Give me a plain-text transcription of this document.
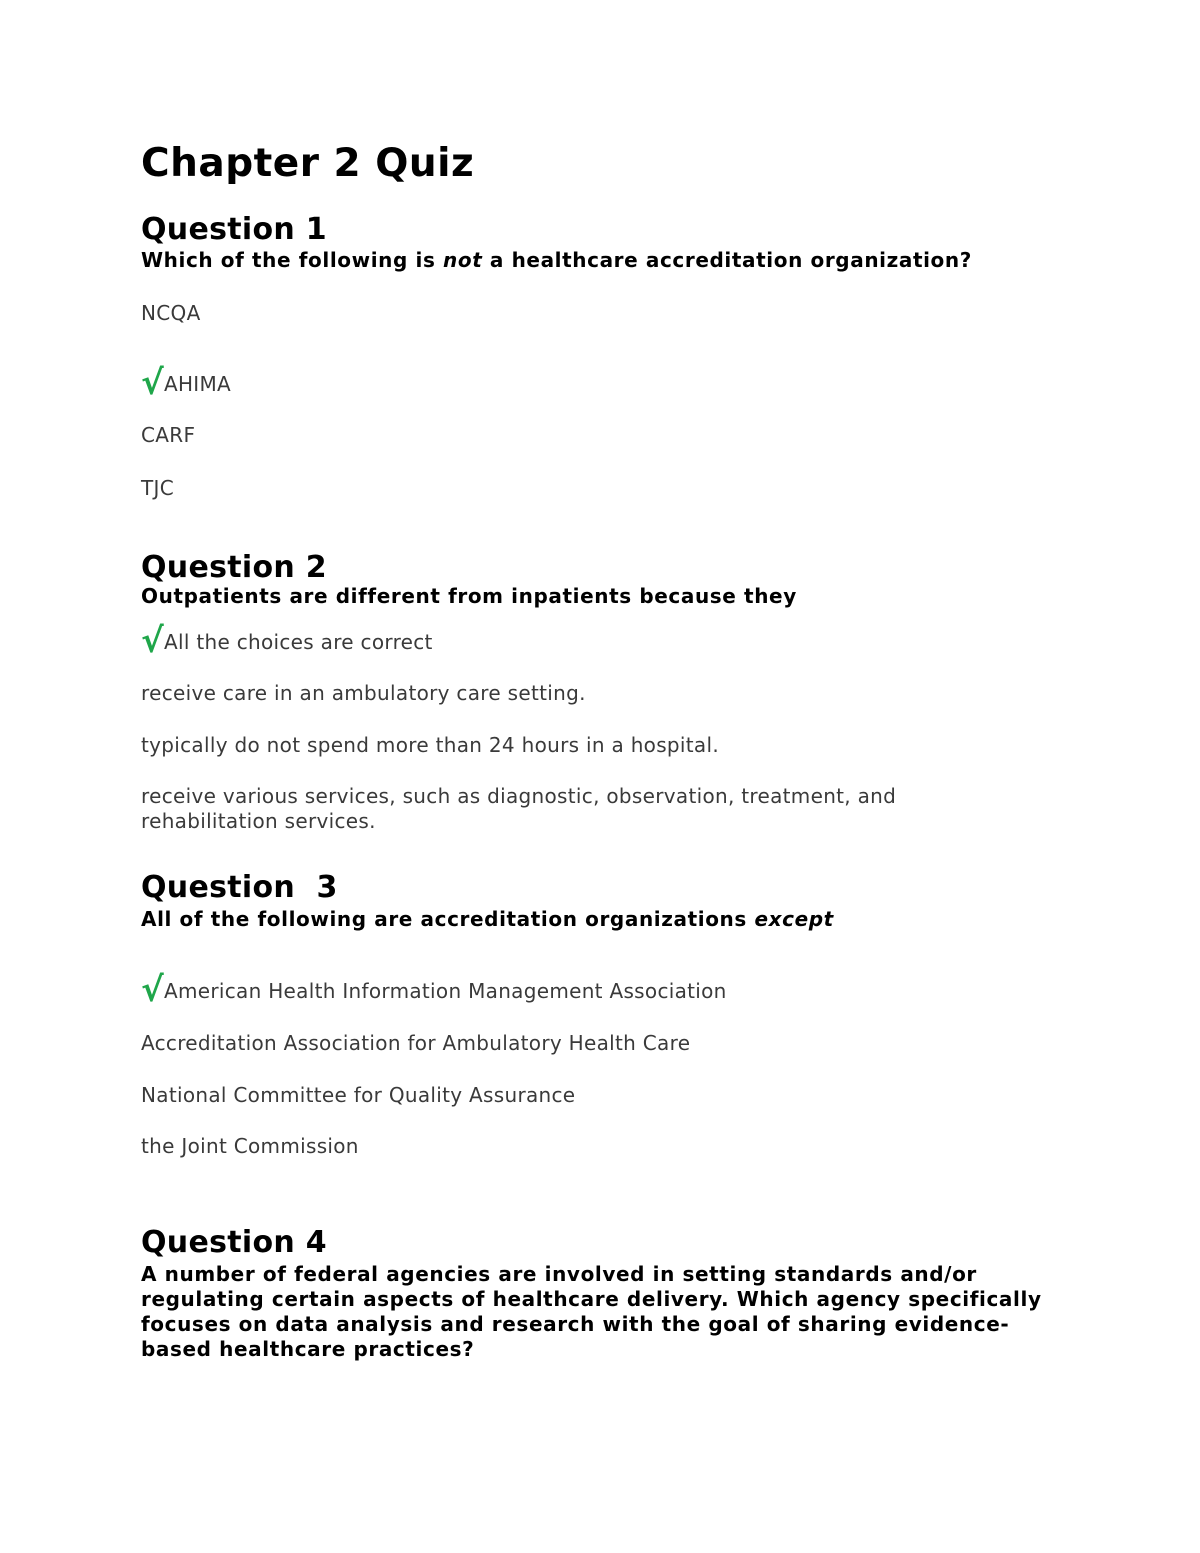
Chapter 2 Quiz
Question 1

Which of the following is not a healthcare accreditation organization?

NCQA

√AHIMA

CARF

TJC

Question 2

Outpatients are different from inpatients because they

√All the choices are correct

receive care in an ambulatory care setting.

typically do not spend more than 24 hours in a hospital.

receive various services, such as diagnostic, observation, treatment, and rehabilitation services.

Question  3

All of the following are accreditation organizations except

√American Health Information Management Association

Accreditation Association for Ambulatory Health Care

National Committee for Quality Assurance

the Joint Commission

Question 4

A number of federal agencies are involved in setting standards and/or regulating certain aspects of healthcare delivery. Which agency specifically focuses on data analysis and research with the goal of sharing evidence-based healthcare practices?
